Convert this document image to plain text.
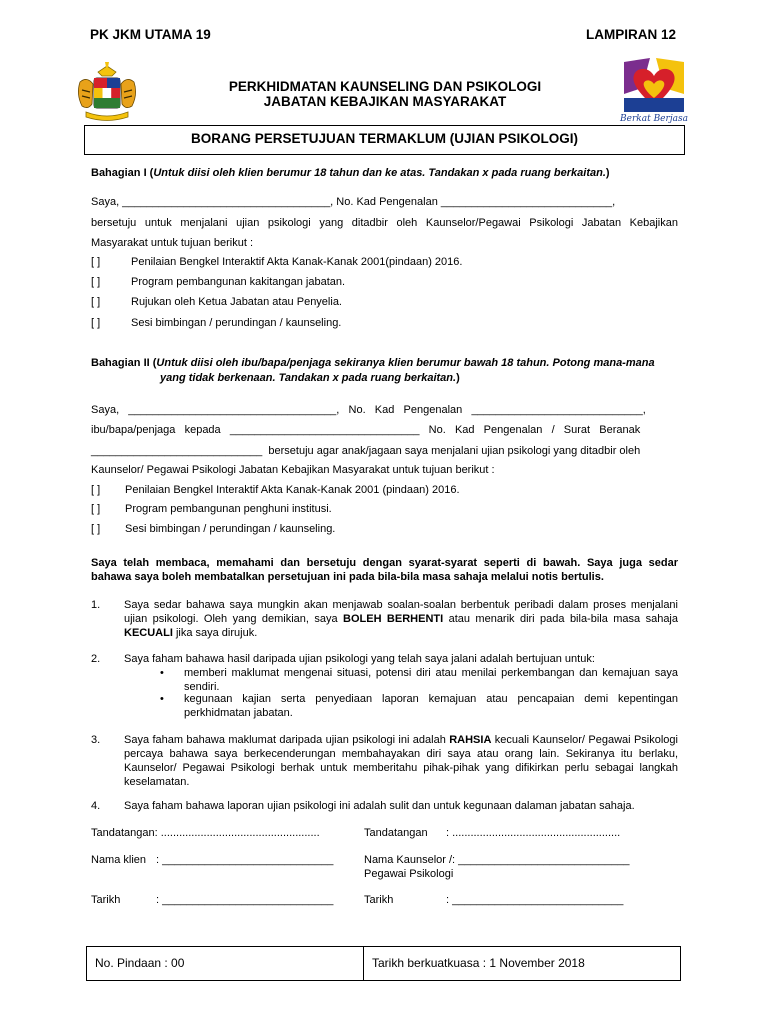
PK JKM UTAMA 19	LAMPIRAN 12
PERKHIDMATAN KAUNSELING DAN PSIKOLOGI
JABATAN KEBAJIKAN MASYARAKAT
Berkat Berjasa
BORANG PERSETUJUAN TERMAKLUM (UJIAN PSIKOLOGI)
Bahagian I (Untuk diisi oleh klien berumur 18 tahun dan ke atas. Tandakan x pada ruang berkaitan.)
Saya, __________________________________, No. Kad Pengenalan ____________________________,
bersetuju untuk menjalani ujian psikologi yang ditadbir oleh Kaunselor/Pegawai Psikologi Jabatan Kebajikan
Masyarakat untuk tujuan berikut :
[ ]	Penilaian Bengkel Interaktif Akta Kanak-Kanak 2001(pindaan) 2016.
[ ]	Program pembangunan kakitangan jabatan.
[ ]	Rujukan oleh Ketua Jabatan atau Penyelia.
[ ]	Sesi bimbingan / perundingan / kaunseling.
Bahagian II (Untuk diisi oleh ibu/bapa/penjaga sekiranya klien berumur bawah 18 tahun. Potong mana-mana
yang tidak berkenaan. Tandakan x pada ruang berkaitan.)
Saya,   __________________________________,   No.   Kad   Pengenalan   ____________________________,
ibu/bapa/penjaga   kepada   _______________________________   No.   Kad   Pengenalan   /   Surat   Beranak
____________________________  bersetuju agar anak/jagaan saya menjalani ujian psikologi yang ditadbir oleh
Kaunselor/ Pegawai Psikologi Jabatan Kebajikan Masyarakat untuk tujuan berikut :
[ ] Penilaian Bengkel Interaktif Akta Kanak-Kanak 2001 (pindaan) 2016.
[ ] Program pembangunan penghuni institusi.
[ ] Sesi bimbingan / perundingan / kaunseling.
Saya telah membaca, memahami dan bersetuju dengan syarat-syarat seperti di bawah. Saya juga sedar
bahawa saya boleh membatalkan persetujuan ini pada bila-bila masa sahaja melalui notis bertulis.
1. Saya sedar bahawa saya mungkin akan menjawab soalan-soalan berbentuk peribadi dalam proses menjalani ujian psikologi. Oleh yang demikian, saya BOLEH BERHENTI atau menarik diri pada bila-bila masa sahaja KECUALI jika saya dirujuk.
2. Saya faham bahawa hasil daripada ujian psikologi yang telah saya jalani adalah bertujuan untuk:
• memberi maklumat mengenai situasi, potensi diri atau menilai perkembangan dan kemajuan saya sendiri.
• kegunaan kajian serta penyediaan laporan kemajuan atau pencapaian demi kepentingan perkhidmatan jabatan.
3. Saya faham bahawa maklumat daripada ujian psikologi ini adalah RAHSIA kecuali Kaunselor/ Pegawai Psikologi percaya bahawa saya berkecenderungan membahayakan diri saya atau orang lain. Sekiranya itu berlaku, Kaunselor/ Pegawai Psikologi berhak untuk memberitahu pihak-pihak yang difikirkan perlu sebagai langkah keselamatan.
4. Saya faham bahawa laporan ujian psikologi ini adalah sulit dan untuk kegunaan dalaman jabatan sahaja.
Tandatangan: ....................................................	Tandatangan : .......................................................
Nama klien : ____________________________	Nama Kaunselor /: ____________________________
Pegawai Psikologi
Tarikh	: ____________________________	Tarikh	: ____________________________
No. Pindaan : 00	Tarikh berkuatkuasa : 1 November 2018
